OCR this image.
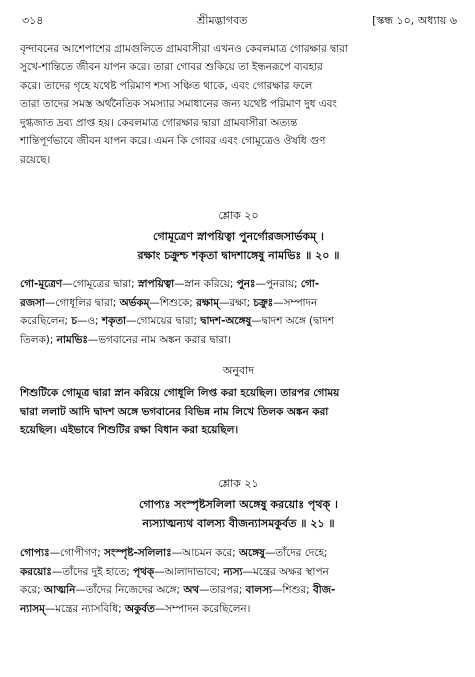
৩১৪	শ্রীমদ্ভাগবত	[স্কন্ধ ১০, অধ্যায় ৬

বৃন্দাবনের আশেপাশের গ্রামগুলিতে গ্রামবাসীরা এখনও কেবলমাত্র গোরক্ষার দ্বারা

সুখে-শান্তিতে জীবন যাপন করে। তারা গোবর শুকিয়ে তা ইন্ধনরূপে ব্যবহার

করে। তাদের গৃহে যথেষ্ট পরিমাণ শস্য সঞ্চিত থাকে, এবং গোরক্ষার ফলে

তারা তাদের সমস্ত অর্থনৈতিক সমস্যার সমাধানের জন্য যথেষ্ট পরিমাণ দুধ এবং

দুগ্ধজাত দ্রব্য প্রাপ্ত হয়। কেবলমাত্র গোরক্ষার দ্বারা গ্রামবাসীরা অত্যন্ত

শান্তিপূর্ণভাবে জীবন যাপন করে। এমন কি গোবর এবং গোমূত্রেও ঔষধি গুণ

রয়েছে।

শ্লোক ২০

গোমূত্রেণ স্নাপয়িত্বা পুনর্গোরজসার্ভকম্ ।

রক্ষাং চক্রুশ্চ শকৃতা দ্বাদশাঙ্গেষু নামভিঃ ॥ ২০ ॥

গো-মূত্রেণ—গোমূত্রের দ্বারা; স্নাপয়িত্বা—স্নান করিয়ে; পুনঃ—পুনরায়; গো-

রজসা—গোধূলির দ্বারা; অর্ভকম্—শিশুকে; রক্ষাম্—রক্ষা; চক্রুঃ—সম্পাদন

করেছিলেন; চ—ও; শকৃতা—গোময়ের দ্বারা; দ্বাদশ-অঙ্গেষু—দ্বাদশ অঙ্গে (দ্বাদশ

তিলক); নামভিঃ—ভগবানের নাম অঙ্কন করার দ্বারা।

অনুবাদ

শিশুটিকে গোমূত্র দ্বারা স্নান করিয়ে গোধূলি লিপ্ত করা হয়েছিল। তারপর গোময়

দ্বারা ললাট আদি দ্বাদশ অঙ্গে ভগবানের বিভিন্ন নাম লিখে তিলক অঙ্কন করা

হয়েছিল। এইভাবে শিশুটির রক্ষা বিধান করা হয়েছিল।

শ্লোক ২১

গোপ্যঃ সংস্পৃষ্টসলিলা অঙ্গেষু করয়োঃ পৃথক্ ।

ন্যস্যাত্মন্যথ বালস্য বীজন্যাসমকুর্বত ॥ ২১ ॥

গোপ্যঃ—গোপীগণ; সংস্পৃষ্ট-সলিলাঃ—আচমন করে; অঙ্গেষু—তাঁদের দেহে;

করয়োঃ—তাঁদের দুই হাতে; পৃথক্—আলাদাভাবে; ন্যস্য—মন্ত্রের অক্ষর স্থাপন

করে; আত্মনি—তাঁদের নিজেদের অঙ্গে; অথ—তারপর; বালস্য—শিশুর; বীজ-

ন্যাসম্—মন্ত্রের ন্যাসবিধি; অকুর্বত—সম্পাদন করেছিলেন।
